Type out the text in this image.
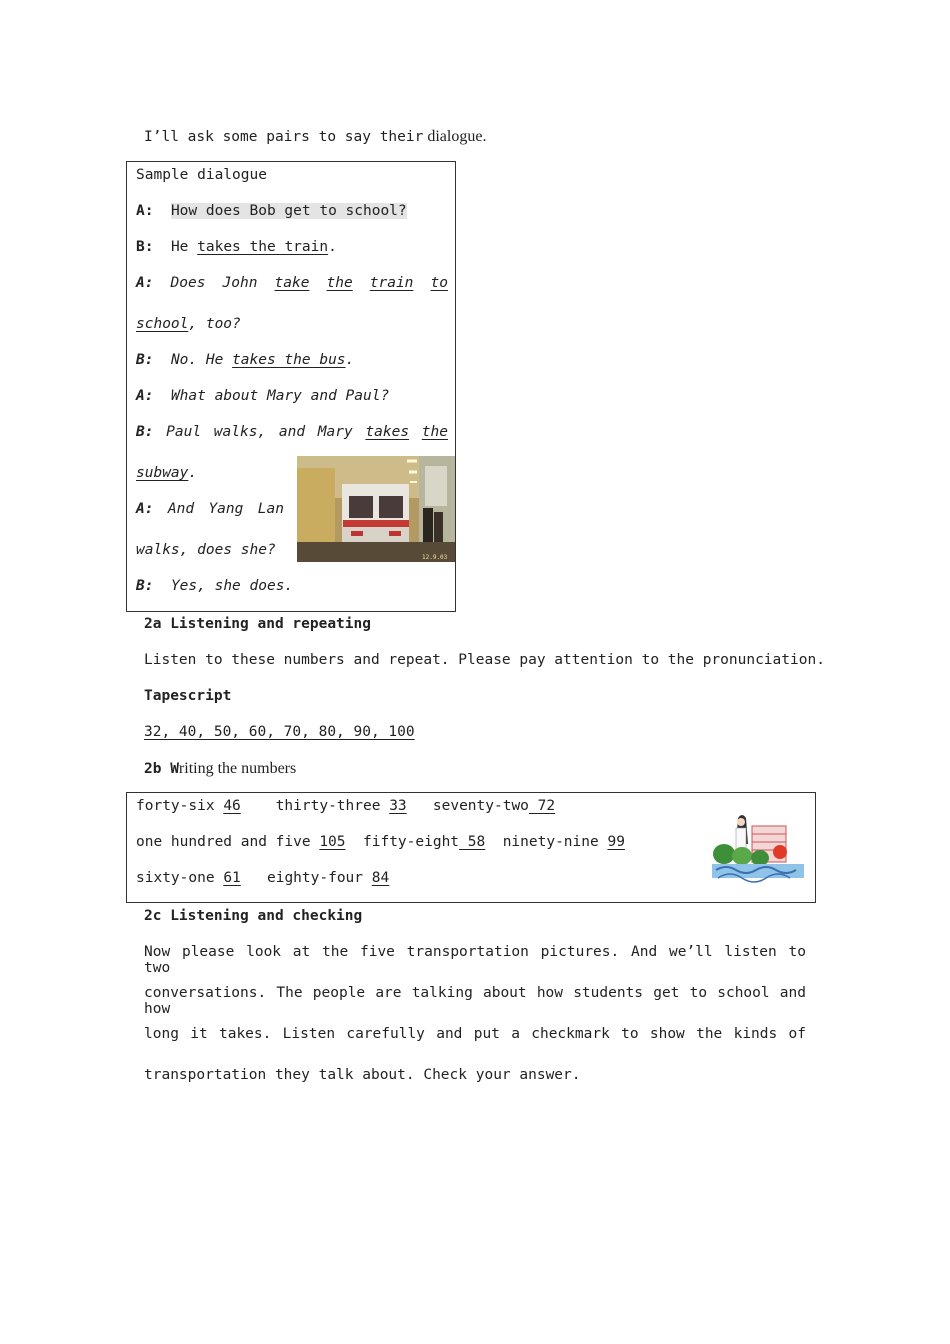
I’ll ask some pairs to say their dialogue.
Sample dialogue
A: How does Bob get to school?
B: He takes the train.
A: Does John take the train to
school, too?
B: No. He takes the bus.
A: What about Mary and Paul?
B: Paul walks, and Mary takes the
subway.
A: And Yang Lan
walks, does she?
B: Yes, she does.
12.9.03
2a Listening and repeating
Listen to these numbers and repeat. Please pay attention to the pronunciation.
Tapescript
32, 40, 50, 60, 70, 80, 90, 100
2b Writing the numbers
forty-six 46 thirty-three 33 seventy-two 72
one hundred and five 105 fifty-eight 58 ninety-nine 99
sixty-one 61 eighty-four 84
2c Listening and checking
Now please look at the five transportation pictures. And we’ll listen to two
conversations. The people are talking about how students get to school and how
long it takes. Listen carefully and put a checkmark to show the kinds of
transportation they talk about. Check your answer.
